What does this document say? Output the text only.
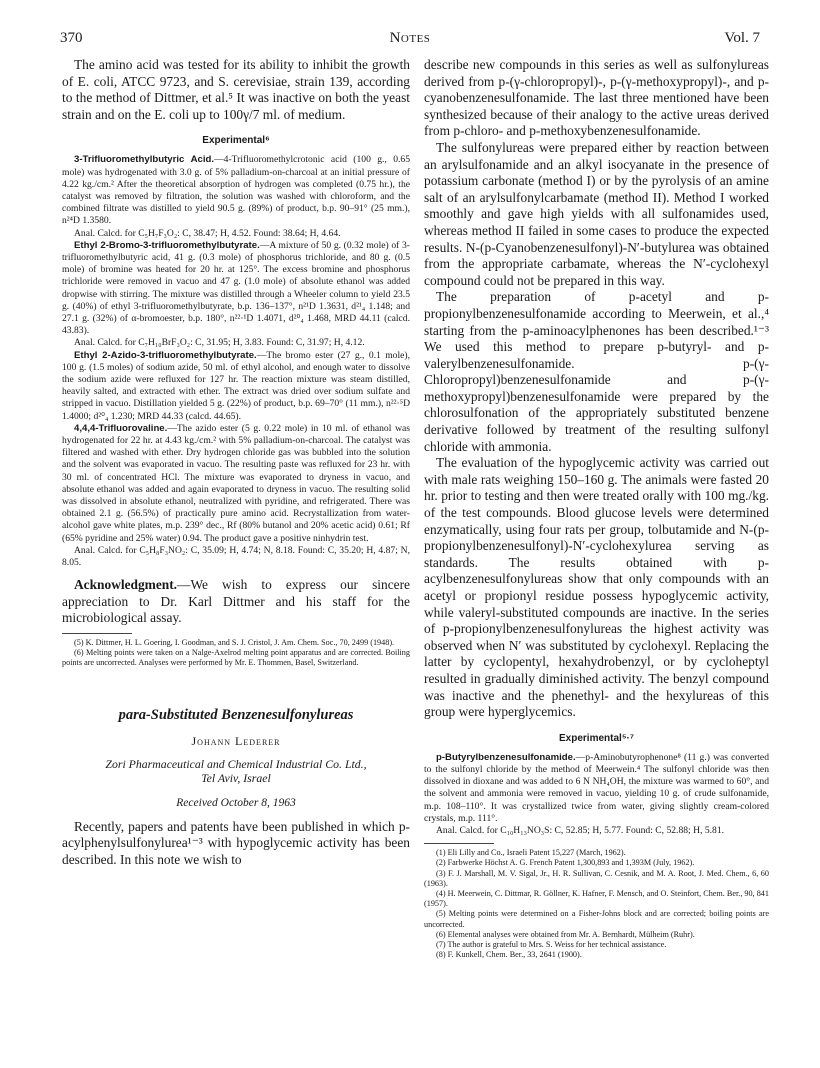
370	Notes	Vol. 7

The amino acid was tested for its ability to inhibit the growth of E. coli, ATCC 9723, and S. cerevisiae, strain 139, according to the method of Dittmer, et al.⁵ It was inactive on both the yeast strain and on the E. coli up to 100γ/7 ml. of medium.

Experimental⁶

3-Trifluoromethylbutyric Acid.—4-Trifluoromethylcrotonic acid (100 g., 0.65 mole) was hydrogenated with 3.0 g. of 5% palladium-on-charcoal at an initial pressure of 4.22 kg./cm.² After the theoretical absorption of hydrogen was completed (0.75 hr.), the catalyst was removed by filtration, the solution was washed with chloroform, and the combined filtrate was distilled to yield 90.5 g. (89%) of product, b.p. 90–91° (25 mm.), n²⁴D 1.3580.

Anal. Calcd. for C₅H₇F₃O₂: C, 38.47; H, 4.52. Found: 38.64; H, 4.64.

Ethyl 2-Bromo-3-trifluoromethylbutyrate.—A mixture of 50 g. (0.32 mole) of 3-trifluoromethylbutyric acid, 41 g. (0.3 mole) of phosphorus trichloride, and 80 g. (0.5 mole) of bromine was heated for 20 hr. at 125°. The excess bromine and phosphorus trichloride were removed in vacuo and 47 g. (1.0 mole) of absolute ethanol was added dropwise with stirring. The mixture was distilled through a Wheeler column to yield 23.5 g. (40%) of ethyl 3-trifluoromethylbutyrate, b.p. 136–137°, n²¹D 1.3631, d²¹₄ 1.148; and 27.1 g. (32%) of α-bromoester, b.p. 180°, n²²·¹D 1.4071, d²⁰₄ 1.468, MRD 44.11 (calcd. 43.83).

Anal. Calcd. for C₇H₁₀BrF₃O₂: C, 31.95; H, 3.83. Found: C, 31.97; H, 4.12.

Ethyl 2-Azido-3-trifluoromethylbutyrate.—The bromo ester (27 g., 0.1 mole), 100 g. (1.5 moles) of sodium azide, 50 ml. of ethyl alcohol, and enough water to dissolve the sodium azide were refluxed for 127 hr. The reaction mixture was steam distilled, heavily salted, and extracted with ether. The extract was dried over sodium sulfate and stripped in vacuo. Distillation yielded 5 g. (22%) of product, b.p. 69–70° (11 mm.), n²²·⁵D 1.4000; d²⁰₄ 1.230; MRD 44.33 (calcd. 44.65).

4,4,4-Trifluorovaline.—The azido ester (5 g. 0.22 mole) in 10 ml. of ethanol was hydrogenated for 22 hr. at 4.43 kg./cm.² with 5% palladium-on-charcoal. The catalyst was filtered and washed with ether. Dry hydrogen chloride gas was bubbled into the solution and the solvent was evaporated in vacuo. The resulting paste was refluxed for 23 hr. with 30 ml. of concentrated HCl. The mixture was evaporated to dryness in vacuo, and absolute ethanol was added and again evaporated to dryness in vacuo. The resulting solid was dissolved in absolute ethanol, neutralized with pyridine, and refrigerated. There was obtained 2.1 g. (56.5%) of practically pure amino acid. Recrystallization from water-alcohol gave white plates, m.p. 239° dec., Rf (80% butanol and 20% acetic acid) 0.61; Rf (65% pyridine and 25% water) 0.94. The product gave a positive ninhydrin test.

Anal. Calcd. for C₅H₈F₃NO₂: C, 35.09; H, 4.74; N, 8.18. Found: C, 35.20; H, 4.87; N, 8.05.

Acknowledgment.—We wish to express our sincere appreciation to Dr. Karl Dittmer and his staff for the microbiological assay.

(5) K. Dittmer, H. L. Goering, I. Goodman, and S. J. Cristol, J. Am. Chem. Soc., 70, 2499 (1948).

(6) Melting points were taken on a Nalge-Axelrod melting point apparatus and are corrected. Boiling points are uncorrected. Analyses were performed by Mr. E. Thommen, Basel, Switzerland.

para-Substituted Benzenesulfonylureas
Johann Lederer
Zori Pharmaceutical and Chemical Industrial Co. Ltd.,
Tel Aviv, Israel
Received October 8, 1963

Recently, papers and patents have been published in which p-acylphenylsulfonylurea¹⁻³ with hypoglycemic activity has been described. In this note we wish to

describe new compounds in this series as well as sulfonylureas derived from p-(γ-chloropropyl)-, p-(γ-methoxypropyl)-, and p-cyanobenzenesulfonamide. The last three mentioned have been synthesized because of their analogy to the active ureas derived from p-chloro- and p-methoxybenzenesulfonamide.

The sulfonylureas were prepared either by reaction between an arylsulfonamide and an alkyl isocyanate in the presence of potassium carbonate (method I) or by the pyrolysis of an amine salt of an arylsulfonylcarbamate (method II). Method I worked smoothly and gave high yields with all sulfonamides used, whereas method II failed in some cases to produce the expected results. N-(p-Cyanobenzenesulfonyl)-N′-butylurea was obtained from the appropriate carbamate, whereas the N′-cyclohexyl compound could not be prepared in this way.

The preparation of p-acetyl and p-propionylbenzenesulfonamide according to Meerwein, et al.,⁴ starting from the p-aminoacylphenones has been described.¹⁻³ We used this method to prepare p-butyryl- and p-valerylbenzenesulfonamide. p-(γ-Chloropropyl)benzenesulfonamide and p-(γ-methoxypropyl)benzenesulfonamide were prepared by the chlorosulfonation of the appropriately substituted benzene derivative followed by treatment of the resulting sulfonyl chloride with ammonia.

The evaluation of the hypoglycemic activity was carried out with male rats weighing 150–160 g. The animals were fasted 20 hr. prior to testing and then were treated orally with 100 mg./kg. of the test compounds. Blood glucose levels were determined enzymatically, using four rats per group, tolbutamide and N-(p-propionylbenzenesulfonyl)-N′-cyclohexylurea serving as standards. The results obtained with p-acylbenzenesulfonylureas show that only compounds with an acetyl or propionyl residue possess hypoglycemic activity, while valeryl-substituted compounds are inactive. In the series of p-propionylbenzenesulfonylureas the highest activity was observed when N′ was substituted by cyclohexyl. Replacing the latter by cyclopentyl, hexahydrobenzyl, or by cycloheptyl resulted in gradually diminished activity. The benzyl compound was inactive and the phenethyl- and the hexylureas of this group were hyperglycemics.

Experimental⁵·⁷

p-Butyrylbenzenesulfonamide.—p-Aminobutyrophenone⁸ (11 g.) was converted to the sulfonyl chloride by the method of Meerwein.⁴ The sulfonyl chloride was then dissolved in dioxane and was added to 6 N NH₄OH, the mixture was warmed to 60°, and the solvent and ammonia were removed in vacuo, yielding 10 g. of crude sulfonamide, m.p. 108–110°. It was crystallized twice from water, giving slightly cream-colored crystals, m.p. 111°.

Anal. Calcd. for C₁₀H₁₃NO₃S: C, 52.85; H, 5.77. Found: C, 52.88; H, 5.81.

(1) Eli Lilly and Co., Israeli Patent 15,227 (March, 1962).

(2) Farbwerke Höchst A. G. French Patent 1,300,893 and 1,393M (July, 1962).

(3) F. J. Marshall, M. V. Sigal, Jr., H. R. Sullivan, C. Cesnik, and M. A. Root, J. Med. Chem., 6, 60 (1963).

(4) H. Meerwein, C. Dittmar, R. Göllner, K. Hafner, F. Mensch, and O. Steinfort, Chem. Ber., 90, 841 (1957).

(5) Melting points were determined on a Fisher-Johns block and are corrected; boiling points are uncorrected.

(6) Elemental analyses were obtained from Mr. A. Bernhardt, Mülheim (Ruhr).

(7) The author is grateful to Mrs. S. Weiss for her technical assistance.

(8) F. Kunkell, Chem. Ber., 33, 2641 (1900).
